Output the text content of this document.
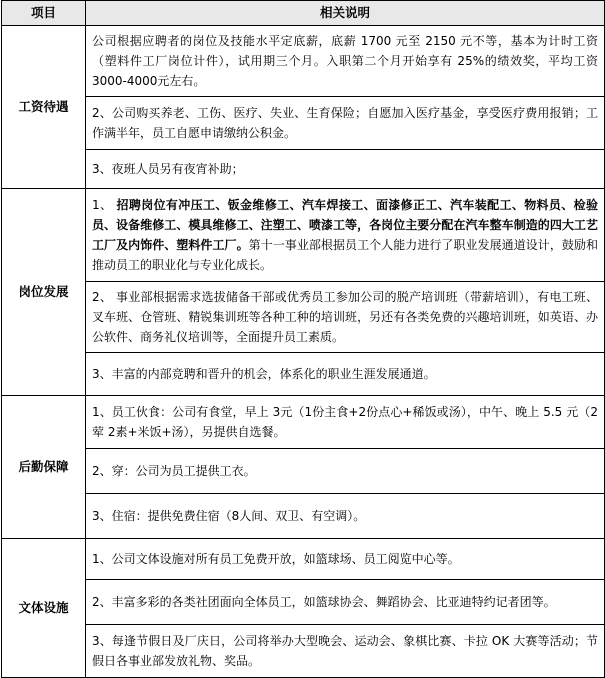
项目	相关说明
工资待遇	公司根据应聘者的岗位及技能水平定底薪，底薪 1700 元至 2150 元不等，基本为计时工资（塑料件工厂岗位计件），试用期三个月。入职第二个月开始享有 25%的绩效奖，平均工资 3000-4000元左右。
	2、公司购买养老、工伤、医疗、失业、生育保险；自愿加入医疗基金，享受医疗费用报销；工作满半年，员工自愿申请缴纳公积金。
	3、夜班人员另有夜宵补助；
岗位发展	1、 招聘岗位有冲压工、钣金维修工、汽车焊接工、面漆修正工、汽车装配工、物料员、检验员、设备维修工、模具维修工、注塑工、喷漆工等，各岗位主要分配在汽车整车制造的四大工艺工厂及内饰件、塑料件工厂。第十一事业部根据员工个人能力进行了职业发展通道设计，鼓励和推动员工的职业化与专业化成长。
	2、 事业部根据需求选拔储备干部或优秀员工参加公司的脱产培训班（带薪培训），有电工班、叉车班、仓管班、精锐集训班等各种工种的培训班，另还有各类免费的兴趣培训班，如英语、办公软件、商务礼仪培训等，全面提升员工素质。
	3、丰富的内部竞聘和晋升的机会，体系化的职业生涯发展通道。
后勤保障	1、员工伙食：公司有食堂，早上 3元（1份主食+2份点心+稀饭或汤），中午、晚上 5.5 元（2荤 2素+米饭+汤），另提供自选餐。
	2、穿：公司为员工提供工衣。
	3、住宿：提供免费住宿（8人间、双卫、有空调）。
文体设施	1、公司文体设施对所有员工免费开放，如篮球场、员工阅览中心等。
	2、丰富多彩的各类社团面向全体员工，如篮球协会、舞蹈协会、比亚迪特约记者团等。
	3、每逢节假日及厂庆日，公司将举办大型晚会、运动会、象棋比赛、卡拉 OK 大赛等活动；节假日各事业部发放礼物、奖品。
